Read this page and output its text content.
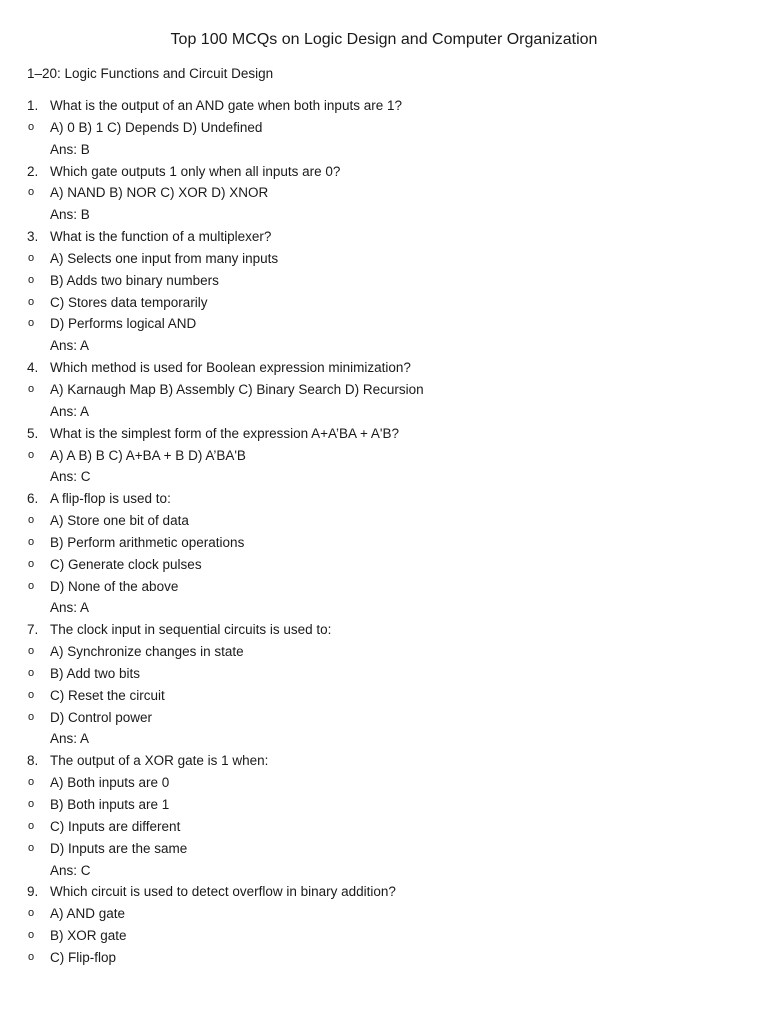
Top 100 MCQs on Logic Design and Computer Organization
1–20: Logic Functions and Circuit Design
1. What is the output of an AND gate when both inputs are 1?
o A) 0 B) 1 C) Depends D) Undefined
Ans: B
2. Which gate outputs 1 only when all inputs are 0?
o A) NAND B) NOR C) XOR D) XNOR
Ans: B
3. What is the function of a multiplexer?
o A) Selects one input from many inputs
o B) Adds two binary numbers
o C) Stores data temporarily
o D) Performs logical AND
Ans: A
4. Which method is used for Boolean expression minimization?
o A) Karnaugh Map B) Assembly C) Binary Search D) Recursion
Ans: A
5. What is the simplest form of the expression A+A’BA + A'B?
o A) A B) B C) A+BA + B D) A’BA'B
Ans: C
6. A flip-flop is used to:
o A) Store one bit of data
o B) Perform arithmetic operations
o C) Generate clock pulses
o D) None of the above
Ans: A
7. The clock input in sequential circuits is used to:
o A) Synchronize changes in state
o B) Add two bits
o C) Reset the circuit
o D) Control power
Ans: A
8. The output of a XOR gate is 1 when:
o A) Both inputs are 0
o B) Both inputs are 1
o C) Inputs are different
o D) Inputs are the same
Ans: C
9. Which circuit is used to detect overflow in binary addition?
o A) AND gate
o B) XOR gate
o C) Flip-flop
